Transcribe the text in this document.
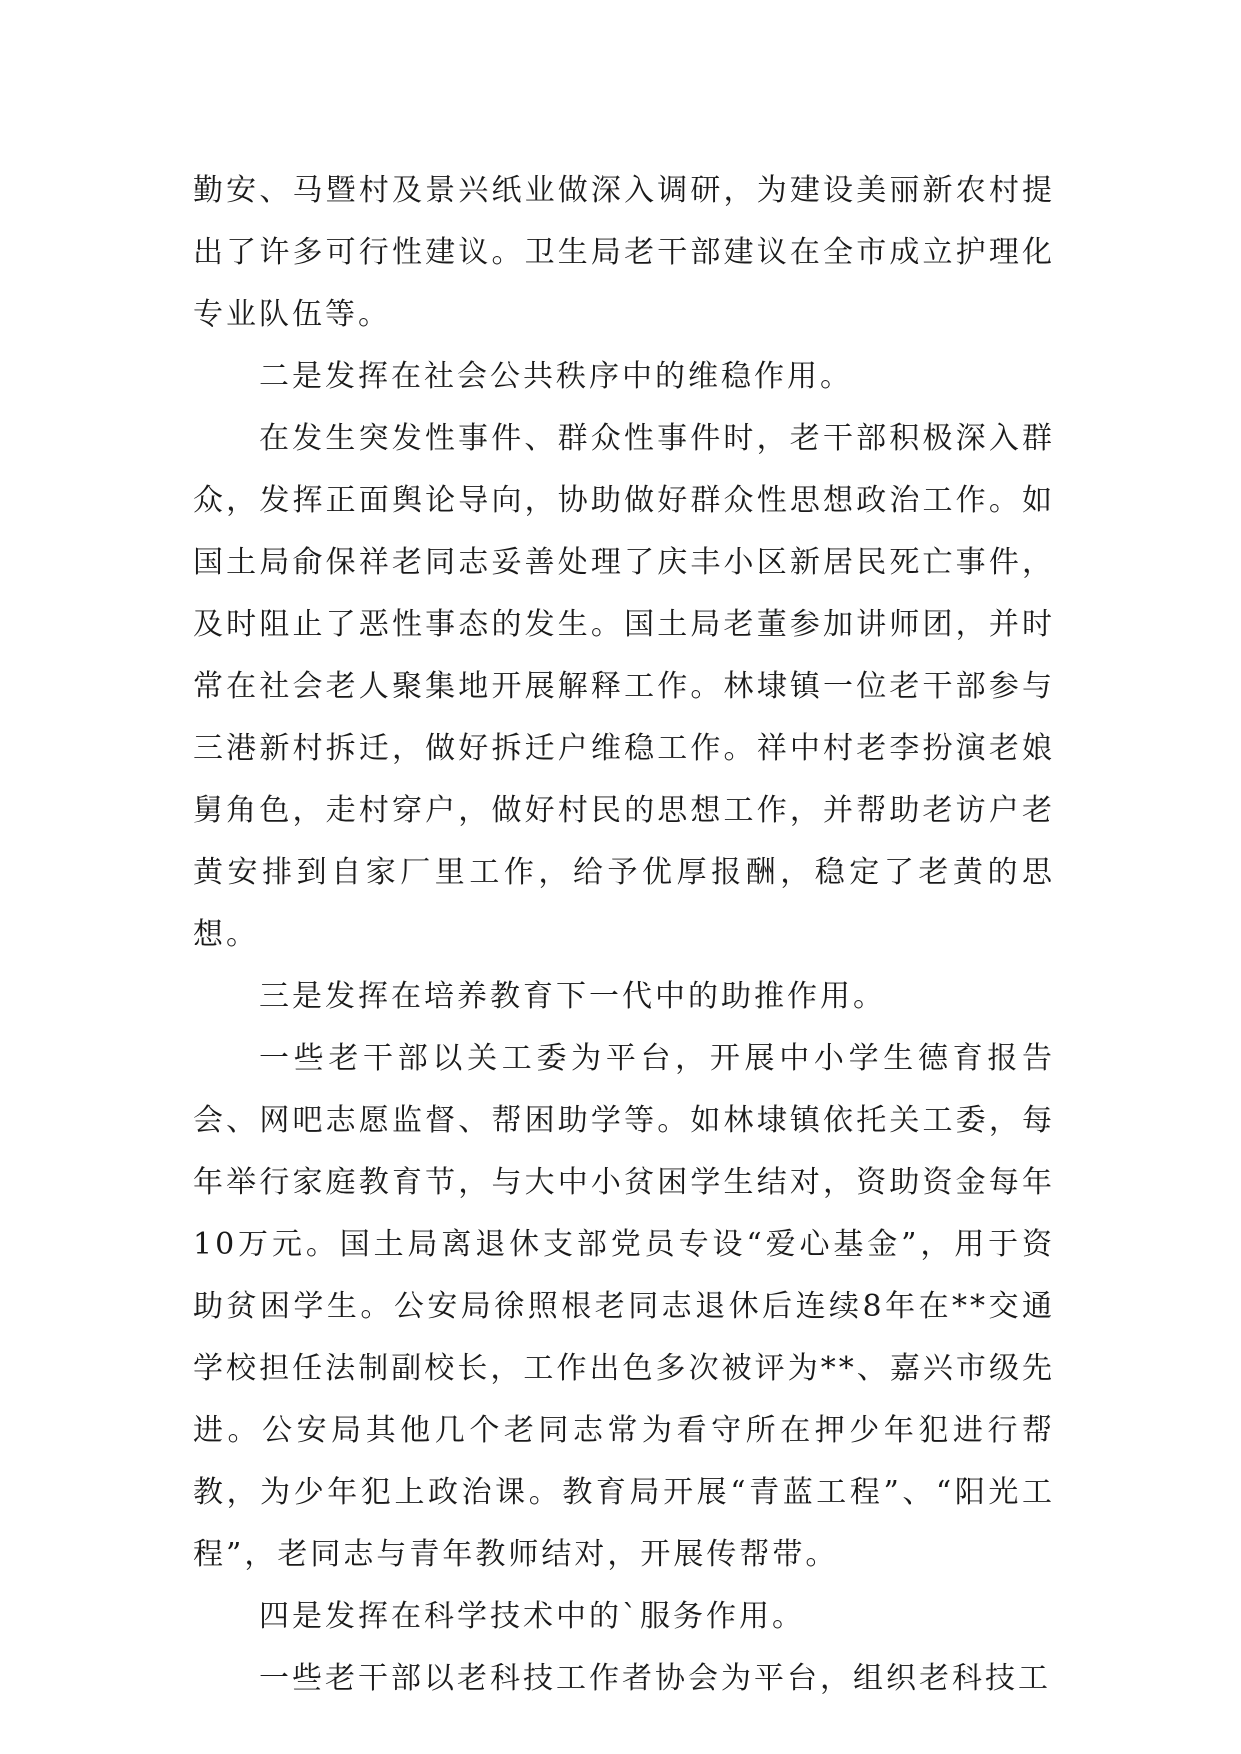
勤安、马暨村及景兴纸业做深入调研，为建设美丽新农村提出了许多可行性建议。卫生局老干部建议在全市成立护理化专业队伍等。

二是发挥在社会公共秩序中的维稳作用。

在发生突发性事件、群众性事件时，老干部积极深入群众，发挥正面舆论导向，协助做好群众性思想政治工作。如国土局俞保祥老同志妥善处理了庆丰小区新居民死亡事件，及时阻止了恶性事态的发生。国土局老董参加讲师团，并时常在社会老人聚集地开展解释工作。林埭镇一位老干部参与三港新村拆迁，做好拆迁户维稳工作。祥中村老李扮演老娘舅角色，走村穿户，做好村民的思想工作，并帮助老访户老黄安排到自家厂里工作，给予优厚报酬，稳定了老黄的思想。

三是发挥在培养教育下一代中的助推作用。

一些老干部以关工委为平台，开展中小学生德育报告会、网吧志愿监督、帮困助学等。如林埭镇依托关工委，每年举行家庭教育节，与大中小贫困学生结对，资助资金每年10万元。国土局离退休支部党员专设“爱心基金”，用于资助贫困学生。公安局徐照根老同志退休后连续8年在**交通学校担任法制副校长，工作出色多次被评为**、嘉兴市级先进。公安局其他几个老同志常为看守所在押少年犯进行帮教，为少年犯上政治课。教育局开展“青蓝工程”、“阳光工程”，老同志与青年教师结对，开展传帮带。

四是发挥在科学技术中的`服务作用。

一些老干部以老科技工作者协会为平台，组织老科技工
